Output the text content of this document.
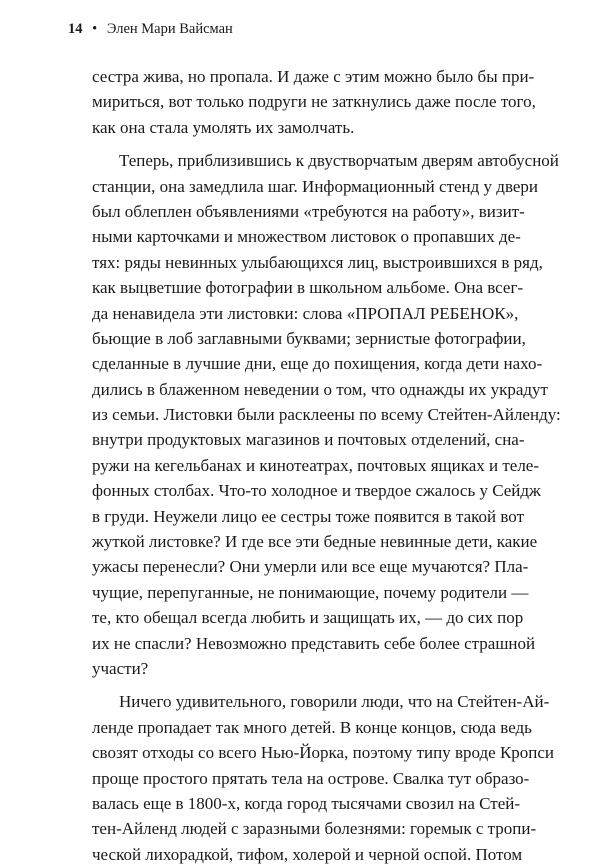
14 • Элен Мари Вайсман
сестра жива, но пропала. И даже с этим можно было бы при-
мириться, вот только подруги не заткнулись даже после того,
как она стала умолять их замолчать.
Теперь, приблизившись к двустворчатым дверям автобусной
станции, она замедлила шаг. Информационный стенд у двери
был облеплен объявлениями «требуются на работу», визит-
ными карточками и множеством листовок о пропавших де-
тях: ряды невинных улыбающихся лиц, выстроившихся в ряд,
как выцветшие фотографии в школьном альбоме. Она всег-
да ненавидела эти листовки: слова «ПРОПАЛ РЕБЕНОК»,
бьющие в лоб заглавными буквами; зернистые фотографии,
сделанные в лучшие дни, еще до похищения, когда дети нахо-
дились в блаженном неведении о том, что однажды их украдут
из семьи. Листовки были расклеены по всему Стейтен-Айленду:
внутри продуктовых магазинов и почтовых отделений, сна-
ружи на кегельбанах и кинотеатрах, почтовых ящиках и теле-
фонных столбах. Что-то холодное и твердое сжалось у Сейдж
в груди. Неужели лицо ее сестры тоже появится в такой вот
жуткой листовке? И где все эти бедные невинные дети, какие
ужасы перенесли? Они умерли или все еще мучаются? Пла-
чущие, перепуганные, не понимающие, почему родители —
те, кто обещал всегда любить и защищать их, — до сих пор
их не спасли? Невозможно представить себе более страшной
участи?
Ничего удивительного, говорили люди, что на Стейтен-Ай-
ленде пропадает так много детей. В конце концов, сюда ведь
свозят отходы со всего Нью-Йорка, поэтому типу вроде Кропси
проще простого прятать тела на острове. Свалка тут образо-
валась еще в 1800-х, когда город тысячами свозил на Стей-
тен-Айленд людей с заразными болезнями: горемык с тропи-
ческой лихорадкой, тифом, холерой и черной оспой. Потом
